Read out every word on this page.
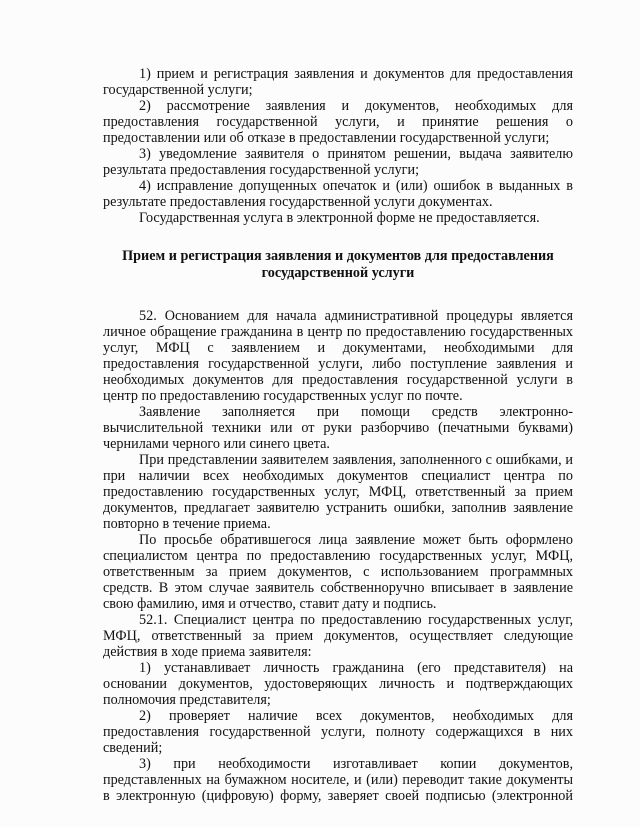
1) прием и регистрация заявления и документов для предоставления государственной услуги;

2) рассмотрение заявления и документов, необходимых для предоставления государственной услуги, и принятие решения о предоставлении или об отказе в предоставлении государственной услуги;

3) уведомление заявителя о принятом решении, выдача заявителю результата предоставления государственной услуги;

4) исправление допущенных опечаток и (или) ошибок в выданных в результате предоставления государственной услуги документах.

Государственная услуга в электронной форме не предоставляется.

Прием и регистрация заявления и документов для предоставления
государственной услуги

52. Основанием для начала административной процедуры является личное обращение гражданина в центр по предоставлению государственных услуг, МФЦ с заявлением и документами, необходимыми для предоставления государственной услуги, либо поступление заявления и необходимых документов для предоставления государственной услуги в центр по предоставлению государственных услуг по почте.

Заявление заполняется при помощи средств электронно-вычислительной техники или от руки разборчиво (печатными буквами) чернилами черного или синего цвета.

При представлении заявителем заявления, заполненного с ошибками, и при наличии всех необходимых документов специалист центра по предоставлению государственных услуг, МФЦ, ответственный за прием документов, предлагает заявителю устранить ошибки, заполнив заявление повторно в течение приема.

По просьбе обратившегося лица заявление может быть оформлено специалистом центра по предоставлению государственных услуг, МФЦ, ответственным за прием документов, с использованием программных средств. В этом случае заявитель собственноручно вписывает в заявление свою фамилию, имя и отчество, ставит дату и подпись.

52.1. Специалист центра по предоставлению государственных услуг, МФЦ, ответственный за прием документов, осуществляет следующие действия в ходе приема заявителя:

1) устанавливает личность гражданина (его представителя) на основании документов, удостоверяющих личность и подтверждающих полномочия представителя;

2) проверяет наличие всех документов, необходимых для предоставления государственной услуги, полноту содержащихся в них сведений;

3) при необходимости изготавливает копии документов, представленных на бумажном носителе, и (или) переводит такие документы в электронную (цифровую) форму, заверяет своей подписью (электронной
